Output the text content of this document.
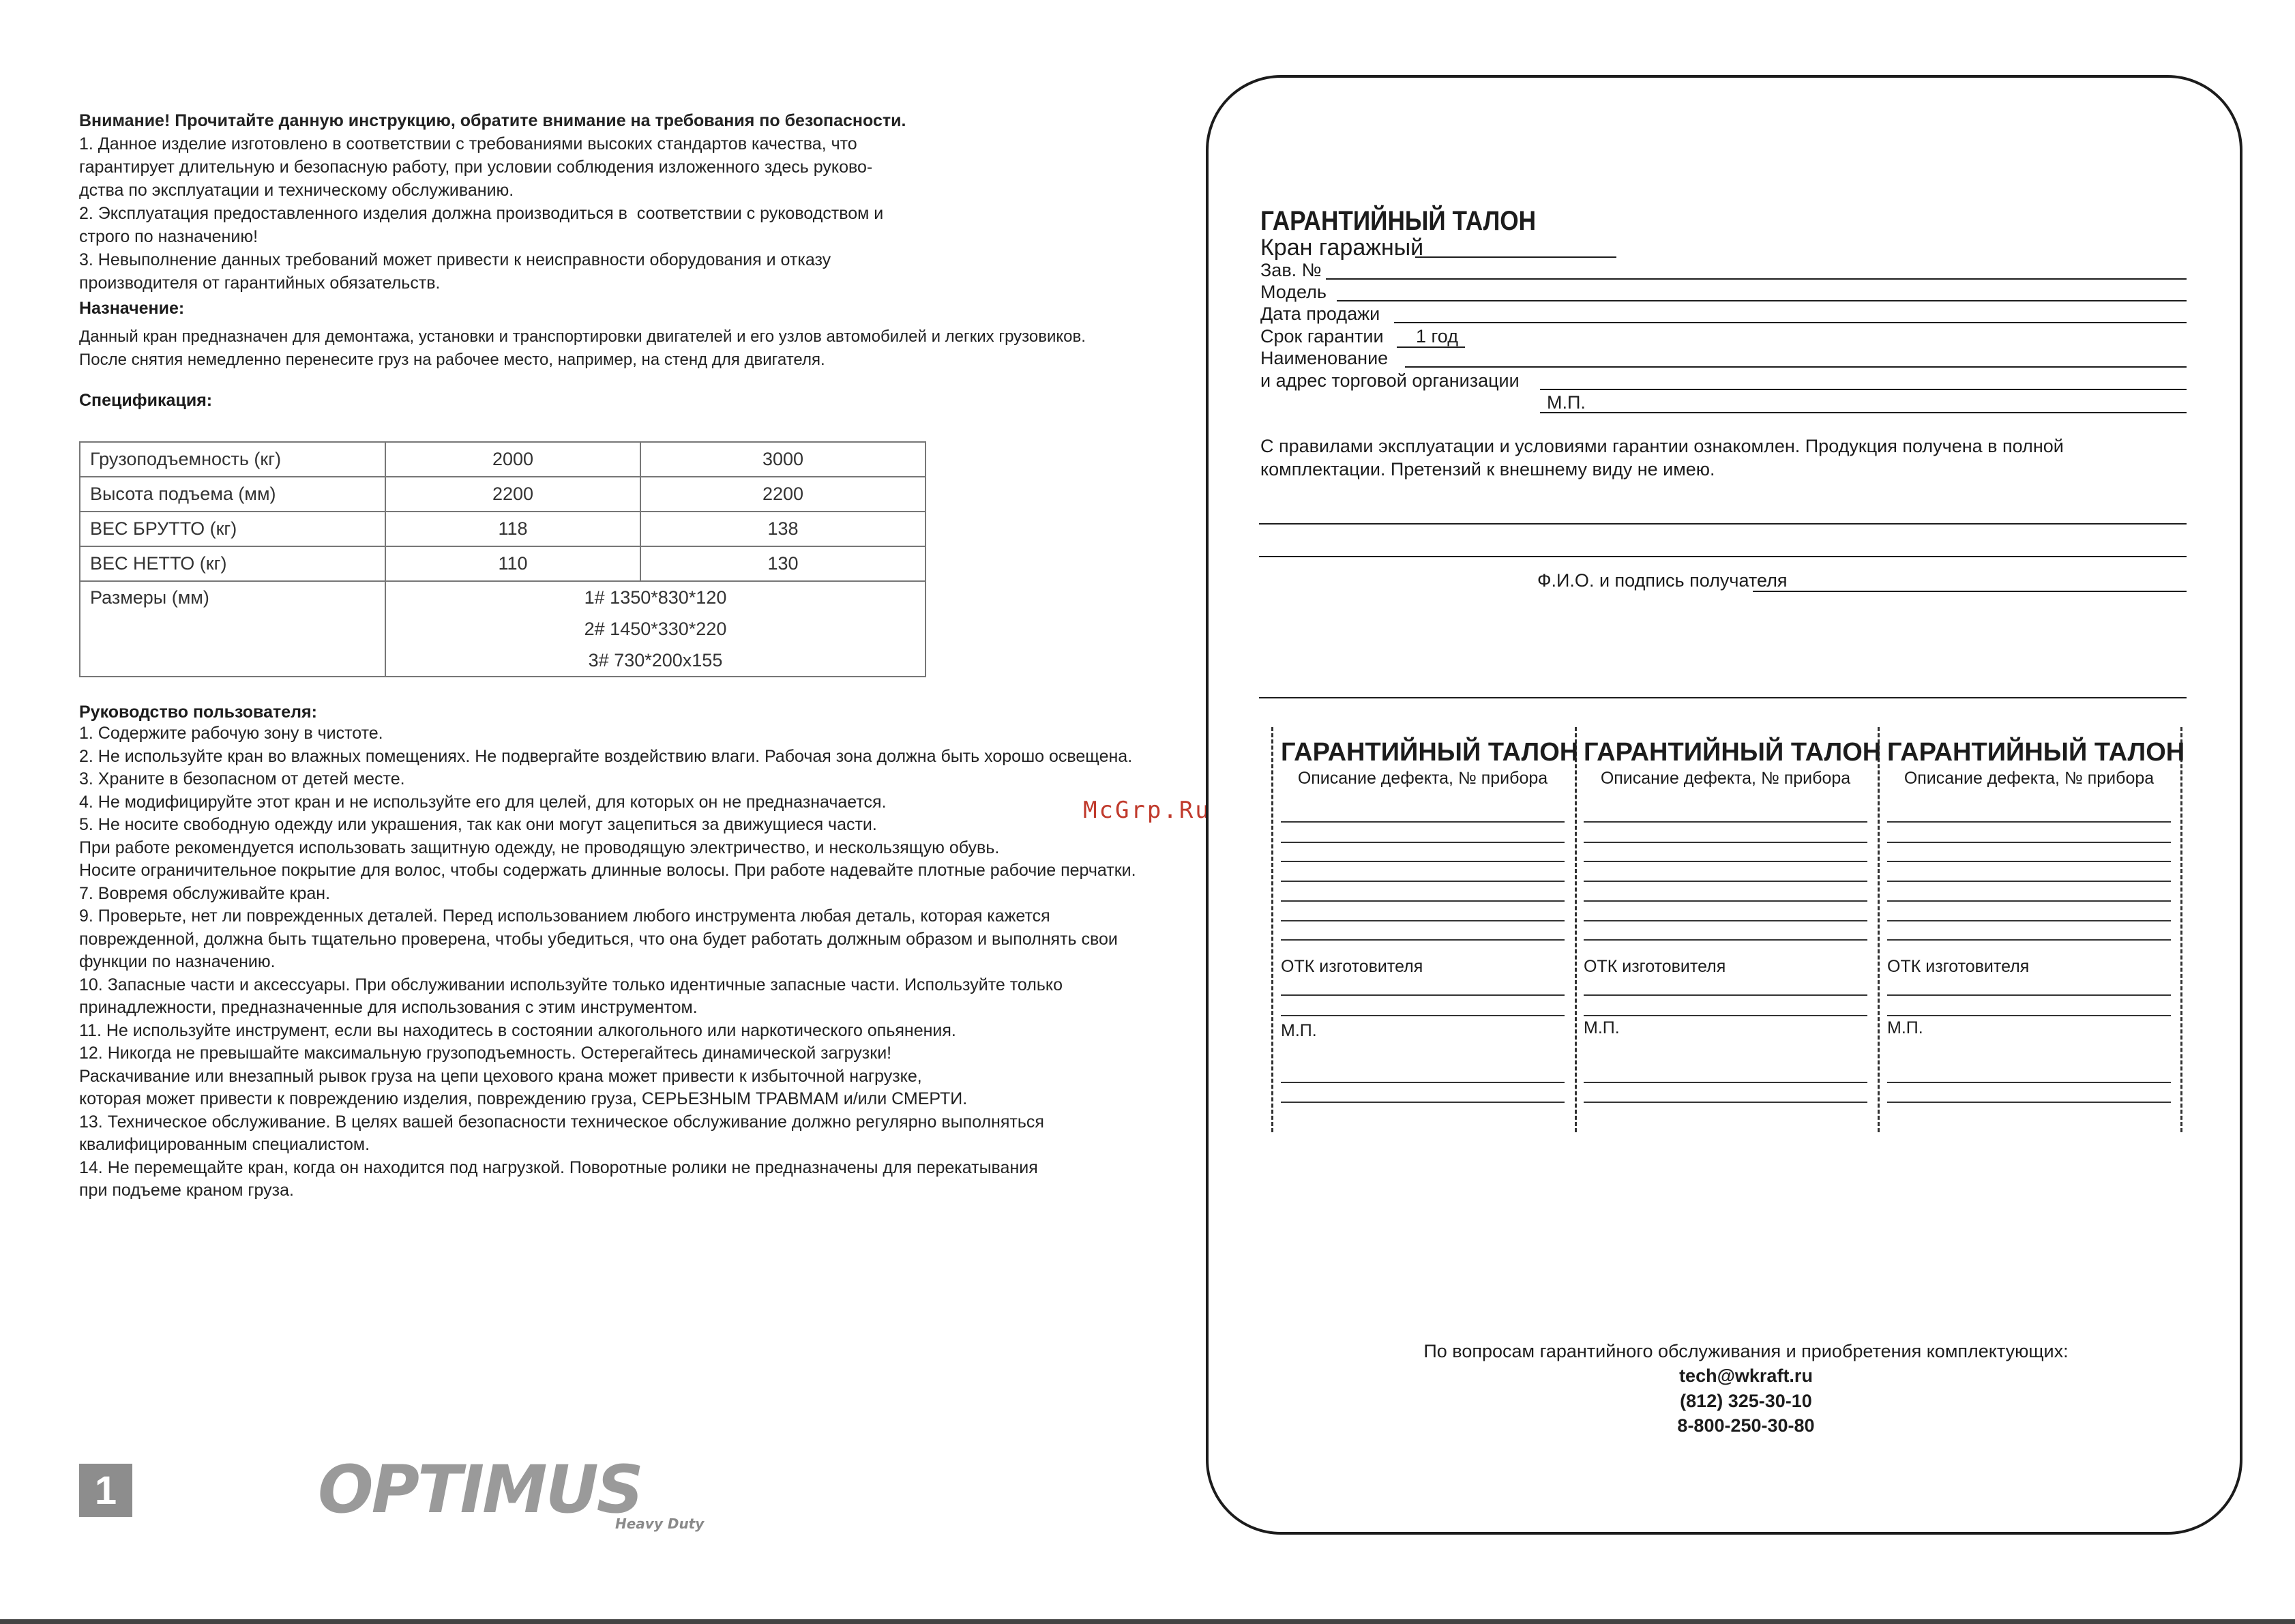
Внимание! Прочитайте данную инструкцию, обратите внимание на требования по безопасности.
1. Данное изделие изготовлено в соответствии с требованиями высоких стандартов качества, что
гарантирует длительную и безопасную работу, при условии соблюдения изложенного здесь руково-
дства по эксплуатации и техническому обслуживанию.
2. Эксплуатация предоставленного изделия должна производиться в  соответствии с руководством и
строго по назначению!
3. Невыполнение данных требований может привести к неисправности оборудования и отказу
производителя от гарантийных обязательств.
Назначение:
Данный кран предназначен для демонтажа, установки и транспортировки двигателей и его узлов автомобилей и легких грузовиков.
После снятия немедленно перенесите груз на рабочее место, например, на стенд для двигателя.
Спецификация:
Грузоподъемность (кг)	2000	3000
Высота подъема (мм)	2200	2200
ВЕС БРУТТО (кг)	118	138
ВЕС НЕТТО (кг)	110	130
Размеры (мм)	1# 1350*830*120
2# 1450*330*220
3# 730*200х155	
Руководство пользователя:
1. Содержите рабочую зону в чистоте.
2. Не используйте кран во влажных помещениях. Не подвергайте воздействию влаги. Рабочая зона должна быть хорошо освещена.
3. Храните в безопасном от детей месте.
4. Не модифицируйте этот кран и не используйте его для целей, для которых он не предназначается.
5. Не носите свободную одежду или украшения, так как они могут зацепиться за движущиеся части.
При работе рекомендуется использовать защитную одежду, не проводящую электричество, и нескользящую обувь.
Носите ограничительное покрытие для волос, чтобы содержать длинные волосы. При работе надевайте плотные рабочие перчатки.
7. Вовремя обслуживайте кран.
9. Проверьте, нет ли поврежденных деталей. Перед использованием любого инструмента любая деталь, которая кажется
поврежденной, должна быть тщательно проверена, чтобы убедиться, что она будет работать должным образом и выполнять свои
функции по назначению.
10. Запасные части и аксессуары. При обслуживании используйте только идентичные запасные части. Используйте только
принадлежности, предназначенные для использования с этим инструментом.
11. Не используйте инструмент, если вы находитесь в состоянии алкогольного или наркотического опьянения.
12. Никогда не превышайте максимальную грузоподъемность. Остерегайтесь динамической загрузки!
Раскачивание или внезапный рывок груза на цепи цехового крана может привести к избыточной нагрузке,
которая может привести к повреждению изделия, повреждению груза, СЕРЬЕЗНЫМ ТРАВМАМ и/или СМЕРТИ.
13. Техническое обслуживание. В целях вашей безопасности техническое обслуживание должно регулярно выполняться
квалифицированным специалистом.
14. Не перемещайте кран, когда он находится под нагрузкой. Поворотные ролики не предназначены для перекатывания
при подъеме краном груза.
1	OPTIMUS
Heavy Duty
McGrp.Ru
ГАРАНТИЙНЫЙ ТАЛОН
Кран гаражный
Зав. №
Модель
Дата продажи
Срок гарантии 1 год
Наименование
и адрес торговой организации
М.П.
С правилами эксплуатации и условиями гарантии ознакомлен. Продукция получена в полной
комплектации. Претензий к внешнему виду не имею.
Ф.И.О. и подпись получателя
ГАРАНТИЙНЫЙ ТАЛОН
Описание дефекта, № прибора
ОТК изготовителя
М.П.
ГАРАНТИЙНЫЙ ТАЛОН
Описание дефекта, № прибора
ОТК изготовителя
М.П.
ГАРАНТИЙНЫЙ ТАЛОН
Описание дефекта, № прибора
ОТК изготовителя
М.П.
По вопросам гарантийного обслуживания и приобретения комплектующих:
tech@wkraft.ru
(812) 325-30-10
8-800-250-30-80
